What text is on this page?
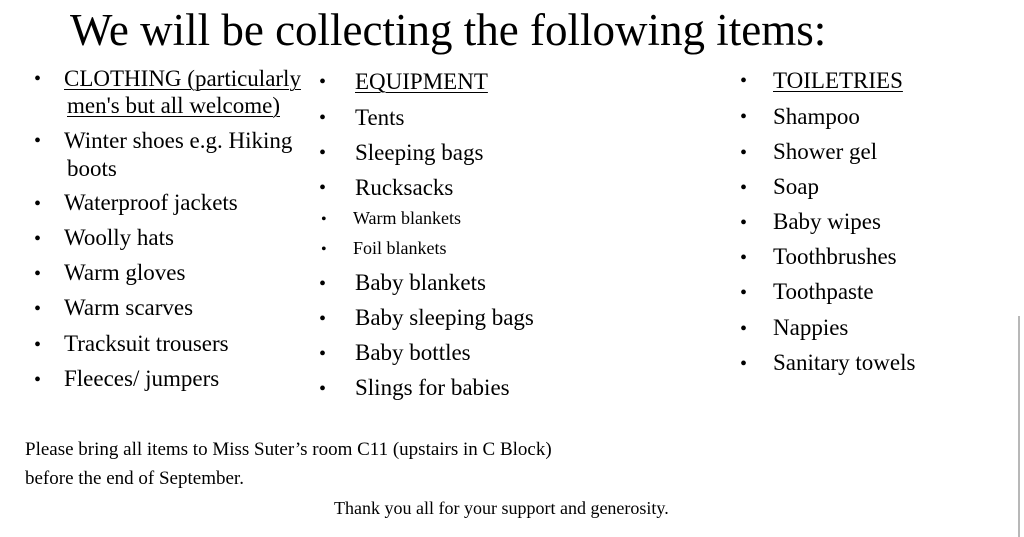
We will be collecting the following items:
• CLOTHING (particularly
men's but all welcome)
• Winter shoes e.g. Hiking
boots
• Waterproof jackets
• Woolly hats
• Warm gloves
• Warm scarves
• Tracksuit trousers
• Fleeces/ jumpers
• EQUIPMENT
• Tents
• Sleeping bags
• Rucksacks
• Warm blankets
• Foil blankets
• Baby blankets
• Baby sleeping bags
• Baby bottles
• Slings for babies
• TOILETRIES
• Shampoo
• Shower gel
• Soap
• Baby wipes
• Toothbrushes
• Toothpaste
• Nappies
• Sanitary towels
Please bring all items to Miss Suter’s room C11 (upstairs in C Block)
before the end of September.
Thank you all for your support and generosity.
